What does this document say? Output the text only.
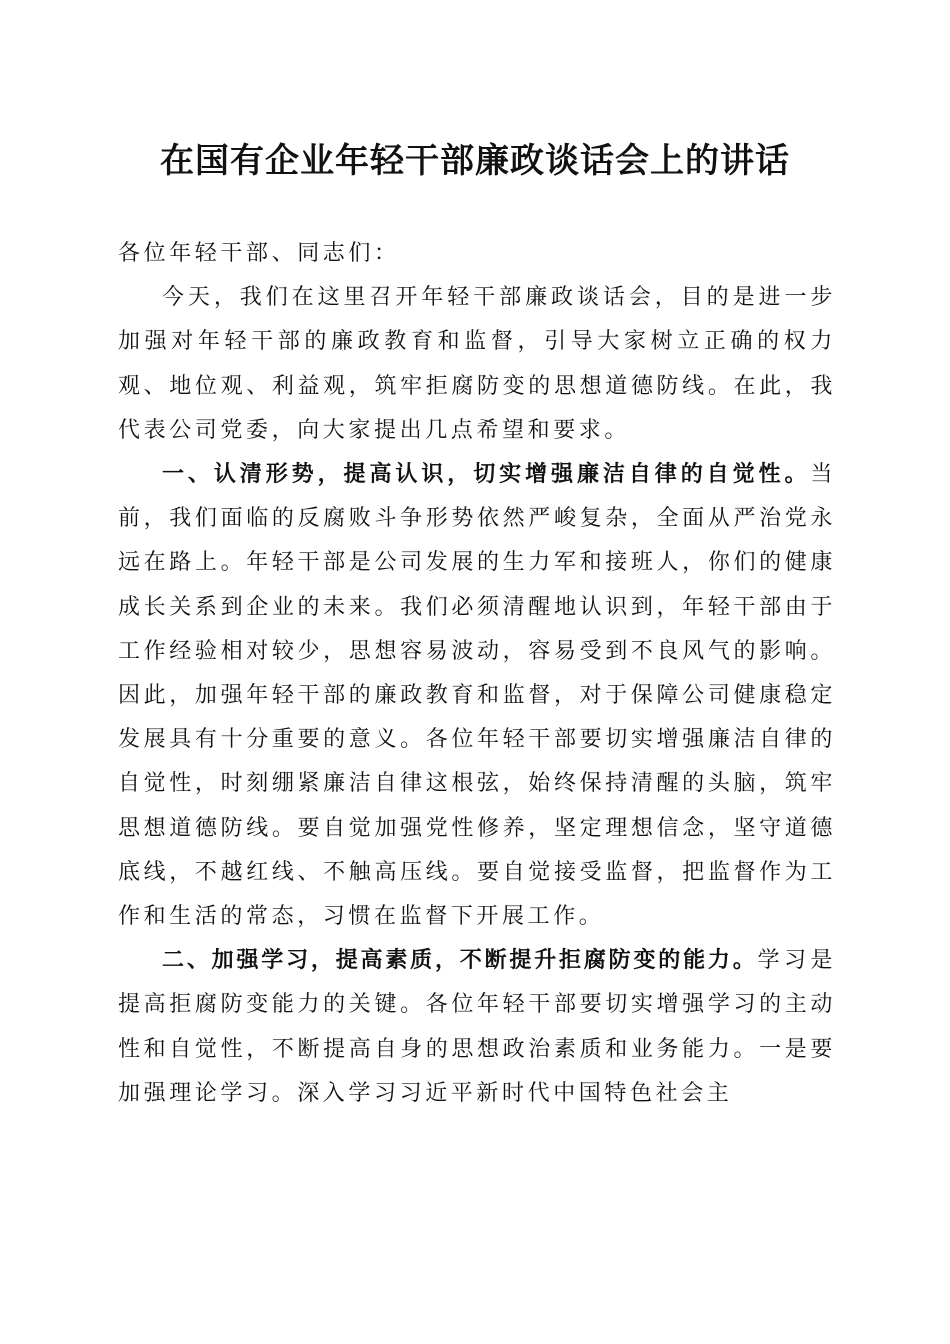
在国有企业年轻干部廉政谈话会上的讲话

各位年轻干部、同志们：

今天，我们在这里召开年轻干部廉政谈话会，目的是进一步加强对年轻干部的廉政教育和监督，引导大家树立正确的权力观、地位观、利益观，筑牢拒腐防变的思想道德防线。在此，我代表公司党委，向大家提出几点希望和要求。

一、认清形势，提高认识，切实增强廉洁自律的自觉性。当前，我们面临的反腐败斗争形势依然严峻复杂，全面从严治党永远在路上。年轻干部是公司发展的生力军和接班人，你们的健康成长关系到企业的未来。我们必须清醒地认识到，年轻干部由于工作经验相对较少，思想容易波动，容易受到不良风气的影响。因此，加强年轻干部的廉政教育和监督，对于保障公司健康稳定发展具有十分重要的意义。各位年轻干部要切实增强廉洁自律的自觉性，时刻绷紧廉洁自律这根弦，始终保持清醒的头脑，筑牢思想道德防线。要自觉加强党性修养，坚定理想信念，坚守道德底线，不越红线、不触高压线。要自觉接受监督，把监督作为工作和生活的常态，习惯在监督下开展工作。

二、加强学习，提高素质，不断提升拒腐防变的能力。学习是提高拒腐防变能力的关键。各位年轻干部要切实增强学习的主动性和自觉性，不断提高自身的思想政治素质和业务能力。一是要加强理论学习。深入学习习近平新时代中国特色社会主
